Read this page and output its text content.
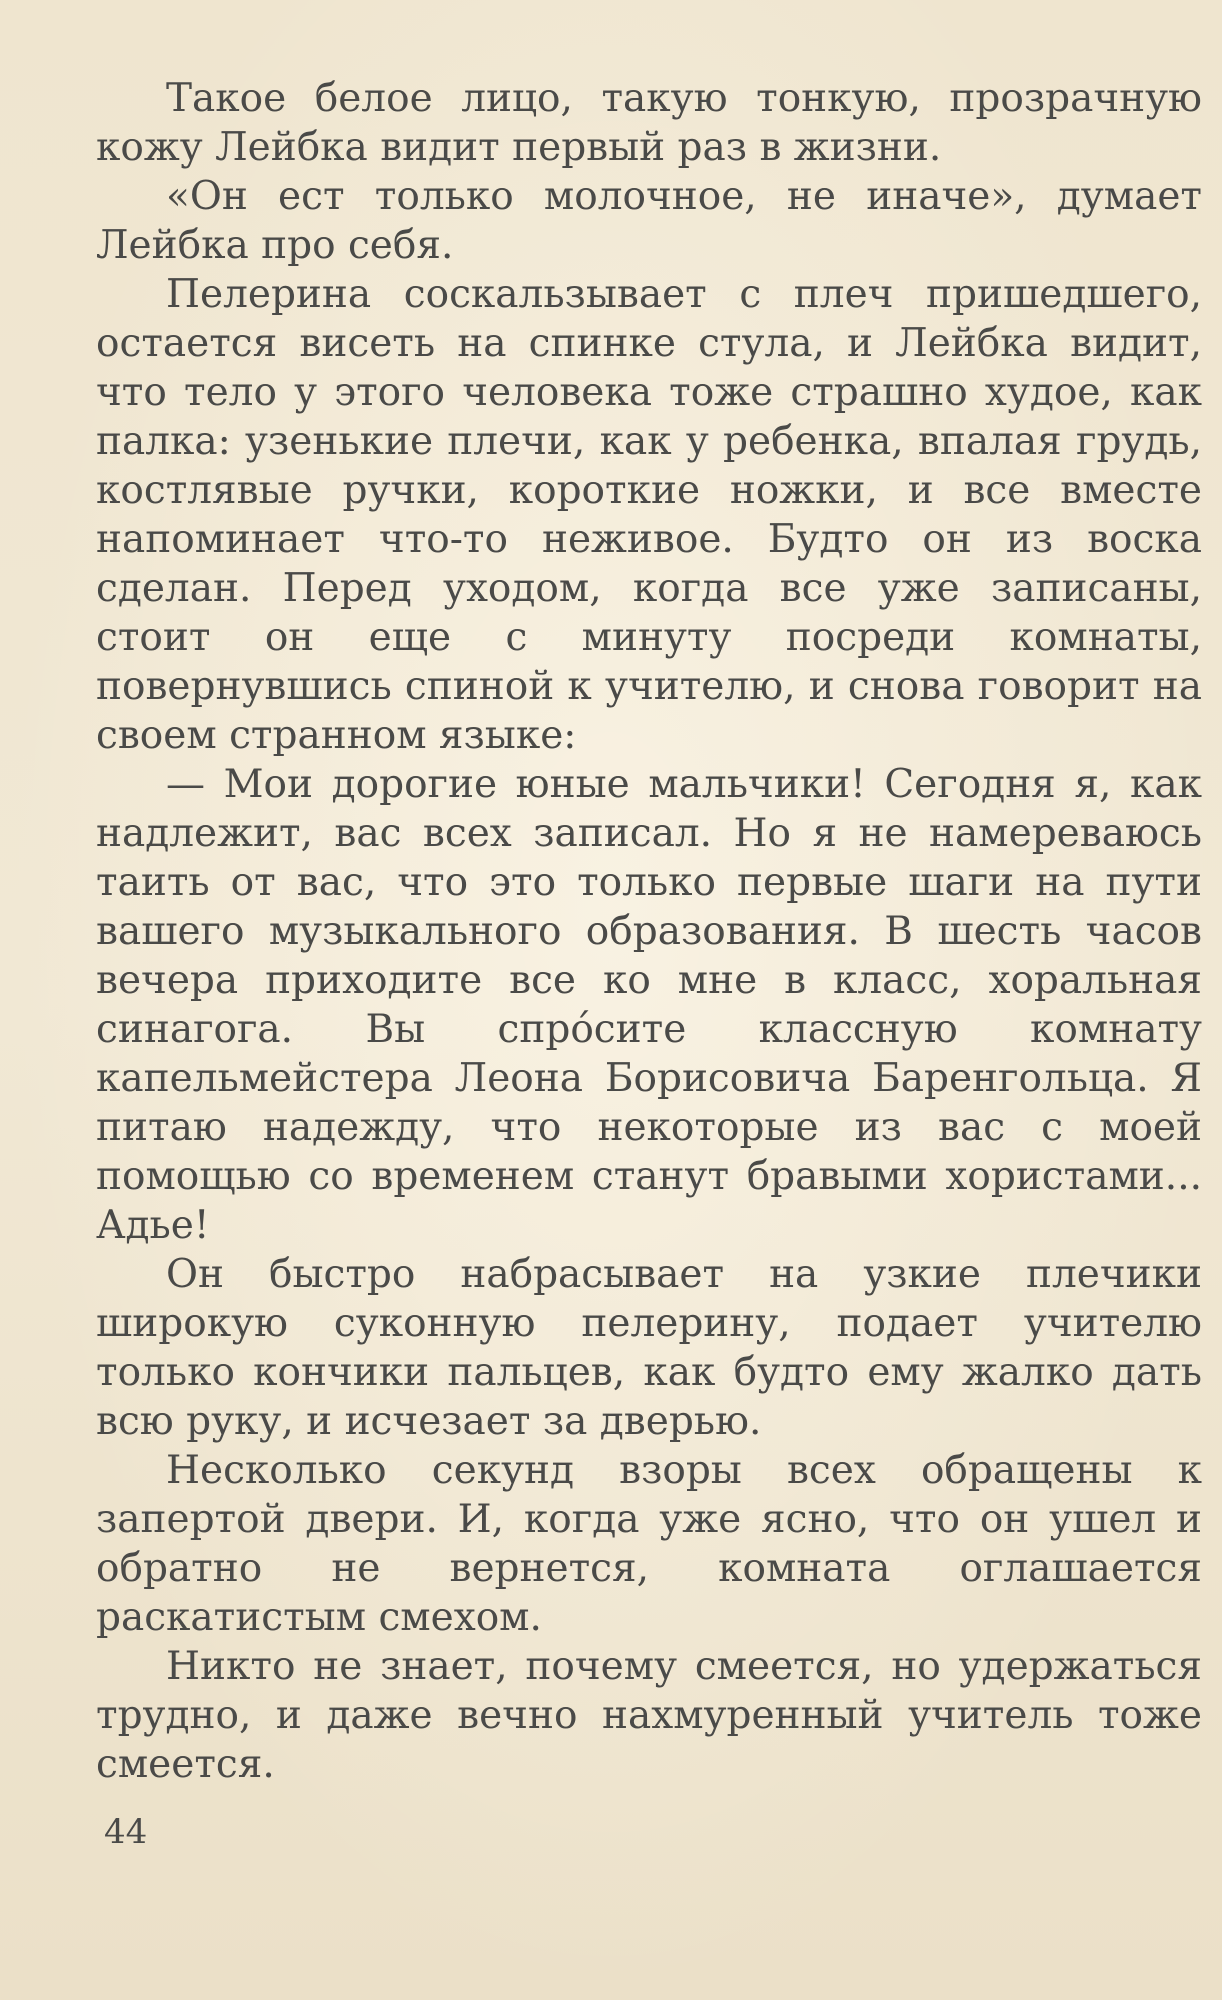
Такое белое лицо, такую тонкую, прозрачную кожу Лейбка видит первый раз в жизни.

«Он ест только молочное, не иначе», думает Лейбка про себя.

Пелерина соскальзывает с плеч пришедшего, остается висеть на спинке стула, и Лейбка видит, что тело у этого человека тоже страшно худое, как палка: узенькие плечи, как у ребенка, впалая грудь, костлявые ручки, короткие ножки, и все вместе напоминает что-то неживое. Будто он из воска сделан. Перед уходом, когда все уже записаны, стоит он еще с минуту посреди комнаты, повернувшись спиной к учителю, и снова говорит на своем странном языке:

— Мои дорогие юные мальчики! Сегодня я, как надлежит, вас всех записал. Но я не намереваюсь таить от вас, что это только первые шаги на пути вашего музыкального образования. В шесть часов вечера приходите все ко мне в класс, хоральная синагога. Вы спро́сите классную комнату капельмейстера Леона Борисовича Баренгольца. Я питаю надежду, что некоторые из вас с моей помощью со временем станут бравыми хористами... Адье!

Он быстро набрасывает на узкие плечики широкую суконную пелерину, подает учителю только кончики пальцев, как будто ему жалко дать всю руку, и исчезает за дверью.

Несколько секунд взоры всех обращены к запертой двери. И, когда уже ясно, что он ушел и обратно не вернется, комната оглашается раскатистым смехом.

Никто не знает, почему смеется, но удержаться трудно, и даже вечно нахмуренный учитель тоже смеется.

44
